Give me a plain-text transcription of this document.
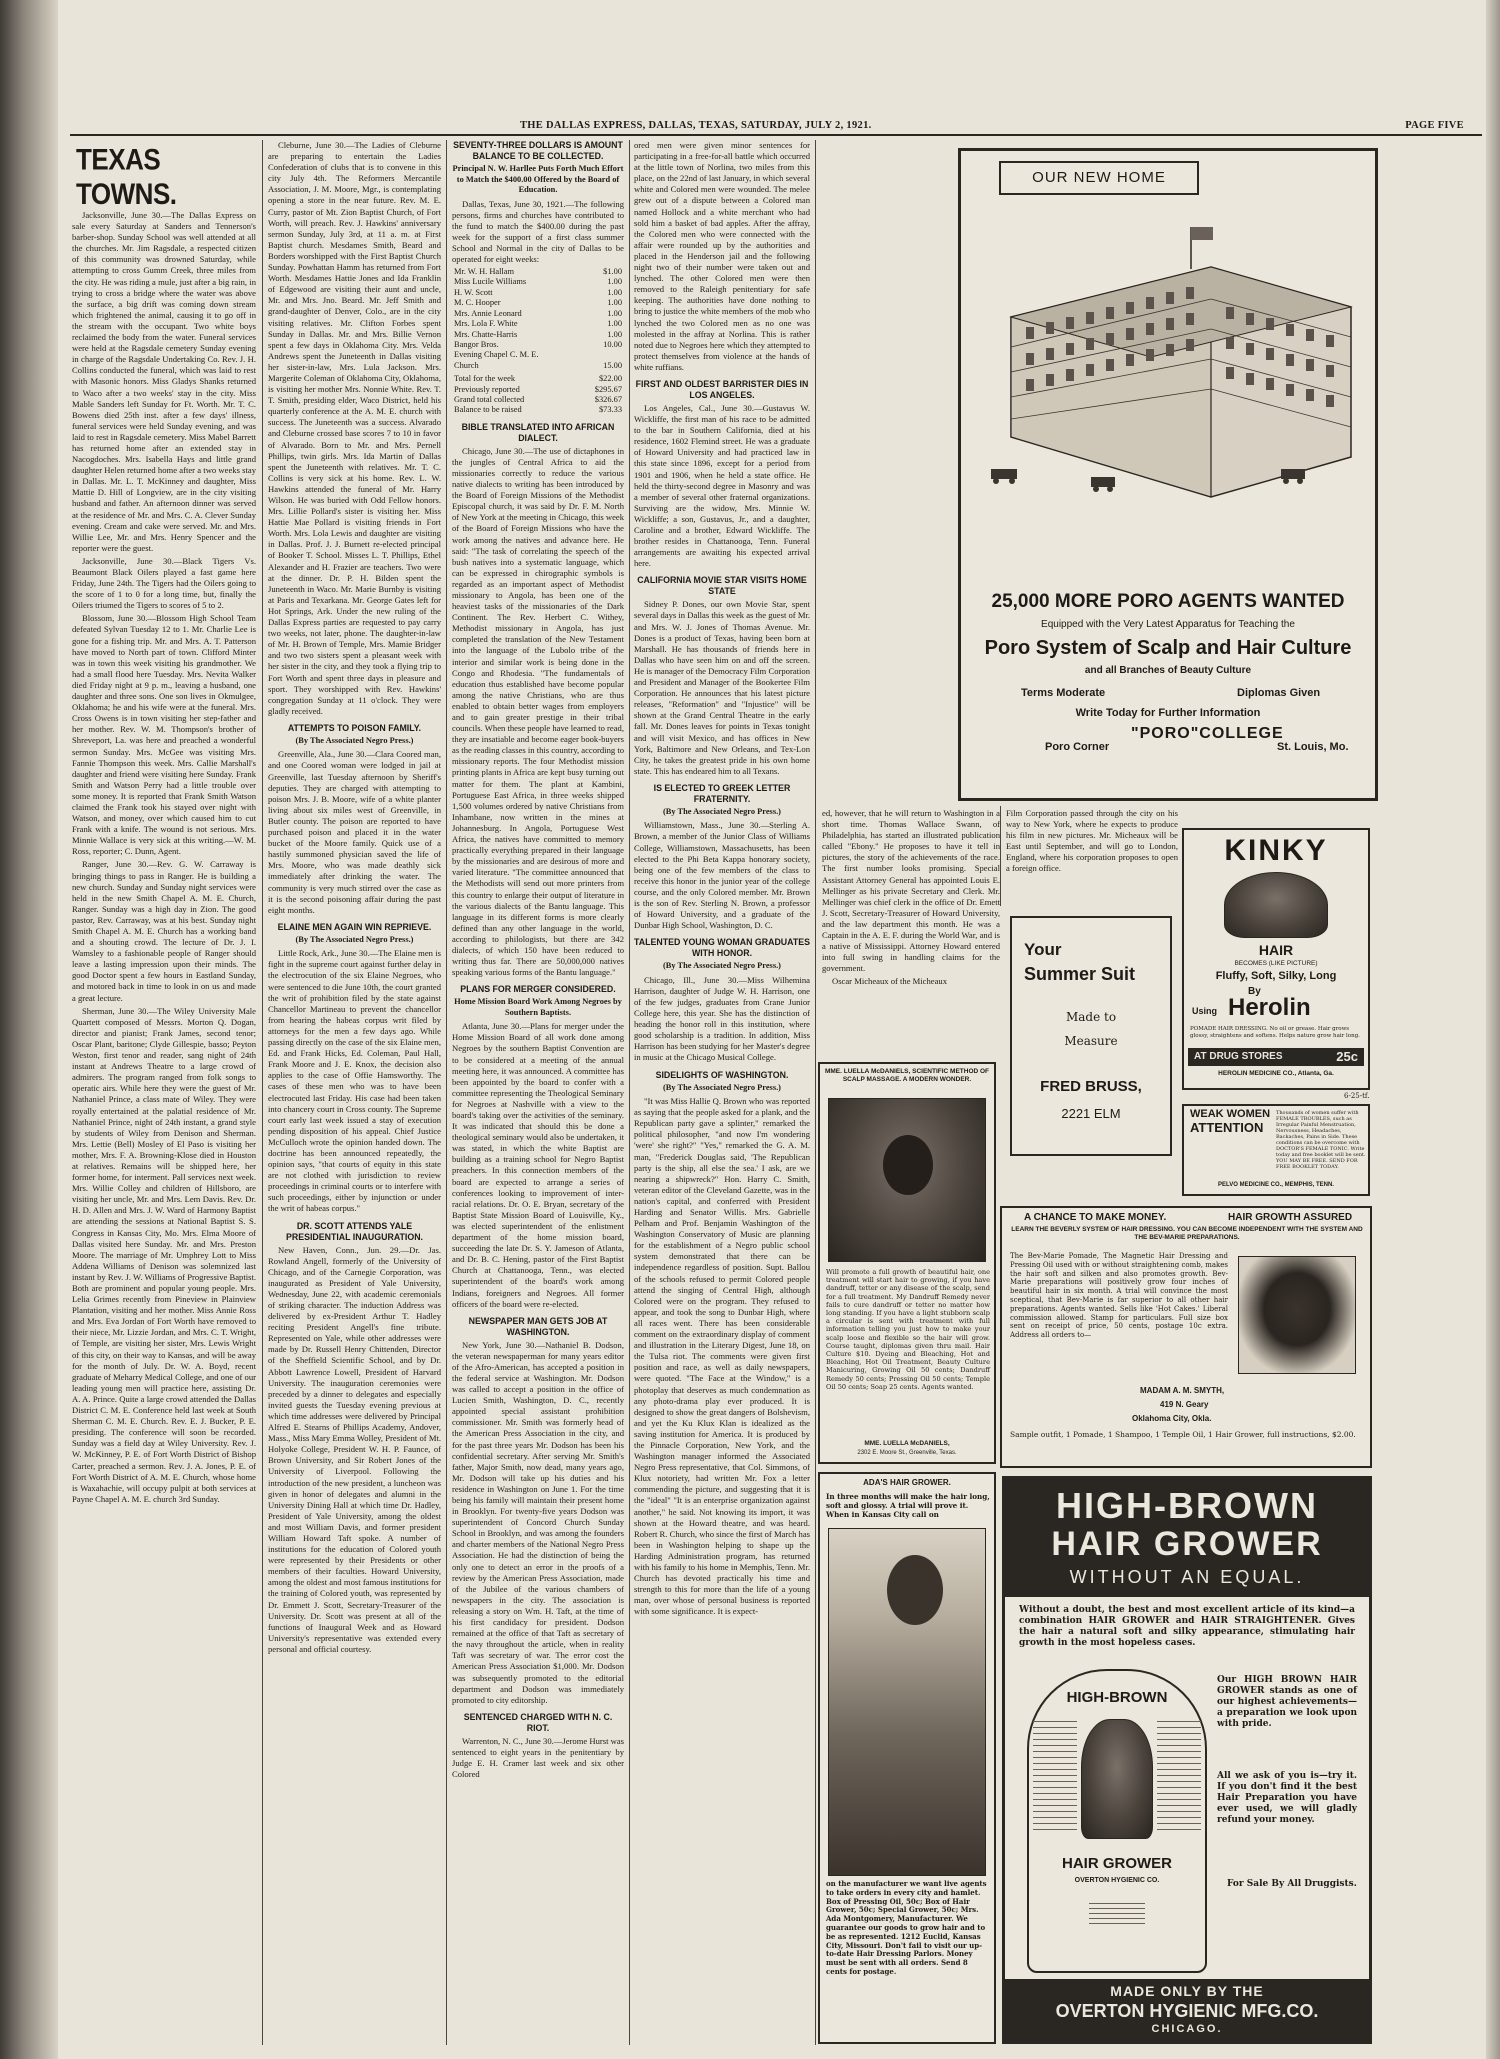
THE DALLAS EXPRESS, DALLAS, TEXAS, SATURDAY, JULY 2, 1921.	PAGE FIVE
TEXAS TOWNS.

Jacksonville, June 30.—The Dallas Express on sale every Saturday at Sanders and Tennerson's barber-shop. Sunday School was well attended at all the churches. Mr. Jim Ragsdale, a respected citizen of this community was drowned Saturday, while attempting to cross Gumm Creek, three miles from the city. He was riding a mule, just after a big rain, in trying to cross a bridge where the water was above the surface, a big drift was coming down stream which frightened the animal, causing it to go off in the stream with the occupant. Two white boys reclaimed the body from the water. Funeral services were held at the Ragsdale cemetery Sunday evening in charge of the Ragsdale Undertaking Co. Rev. J. H. Collins conducted the funeral, which was laid to rest with Masonic honors. Miss Gladys Shanks returned to Waco after a two weeks' stay in the city. Miss Mable Sanders left Sunday for Ft. Worth. Mr. T. C. Bowens died 25th inst. after a few days' illness, funeral services were held Sunday evening, and was laid to rest in Ragsdale cemetery. Miss Mabel Barrett has returned home after an extended stay in Nacogdoches. Mrs. Isabella Hays and little grand daughter Helen returned home after a two weeks stay in Dallas. Mr. L. T. McKinney and daughter, Miss Mattie D. Hill of Longview, are in the city visiting husband and father. An afternoon dinner was served at the residence of Mr. and Mrs. C. A. Clever Sunday evening. Cream and cake were served. Mr. and Mrs. Willie Lee, Mr. and Mrs. Henry Spencer and the reporter were the guest.

Jacksonville, June 30.—Black Tigers Vs. Beaumont Black Oilers played a fast game here Friday, June 24th. The Tigers had the Oilers going to the score of 1 to 0 for a long time, but, finally the Oilers triumed the Tigers to scores of 5 to 2.

Blossom, June 30.—Blossom High School Team defeated Sylvan Tuesday 12 to 1. Mr. Charlie Lee is gone for a fishing trip. Mr. and Mrs. A. T. Patterson have moved to North part of town. Clifford Minter was in town this week visiting his grandmother. We had a small flood here Tuesday. Mrs. Nevita Walker died Friday night at 9 p. m., leaving a husband, one daughter and three sons. One son lives in Okmulgee, Oklahoma; he and his wife were at the funeral. Mrs. Cross Owens is in town visiting her step-father and her mother. Rev. W. M. Thompson's brother of Shreveport, La. was here and preached a wonderful sermon Sunday. Mrs. McGee was visiting Mrs. Fannie Thompson this week. Mrs. Callie Marshall's daughter and friend were visiting here Sunday. Frank Smith and Watson Perry had a little trouble over some money. It is reported that Frank Smith Watson claimed the Frank took his stayed over night with Watson, and money, over which caused him to cut Frank with a knife. The wound is not serious. Mrs. Minnie Wallace is very sick at this writing.—W. M. Ross, reporter; C. Dunn, Agent.

Ranger, June 30.—Rev. G. W. Carraway is bringing things to pass in Ranger. He is building a new church. Sunday and Sunday night services were held in the new Smith Chapel A. M. E. Church, Ranger. Sunday was a high day in Zion. The good pastor, Rev. Carraway, was at his best. Sunday night Smith Chapel A. M. E. Church has a working band and a shouting crowd. The lecture of Dr. J. I. Wamsley to a fashionable people of Ranger should leave a lasting impression upon their minds. The good Doctor spent a few hours in Eastland Sunday, and motored back in time to look in on us and made a great lecture.

Sherman, June 30.—The Wiley University Male Quartett composed of Messrs. Morton Q. Dogan, director and pianist; Frank James, second tenor; Oscar Plant, baritone; Clyde Gillespie, basso; Peyton Weston, first tenor and reader, sang night of 24th instant at Andrews Theatre to a large crowd of admirers. The program ranged from folk songs to operatic airs. While here they were the guest of Mr. Nathaniel Prince, a class mate of Wiley. They were royally entertained at the palatial residence of Mr. Nathaniel Prince, night of 24th instant, a grand style by students of Wiley from Denison and Sherman. Mrs. Lettie (Bell) Mosley of El Paso is visiting her mother, Mrs. F. A. Browning-Klose died in Houston at relatives. Remains will be shipped here, her former home, for interment. Pall services next week. Mrs. Willie Colley and children of Hillsboro, are visiting her uncle, Mr. and Mrs. Lem Davis. Rev. Dr. H. D. Allen and Mrs. J. W. Ward of Harmony Baptist are attending the sessions at National Baptist S. S. Congress in Kansas City, Mo. Mrs. Elma Moore of Dallas visited here Sunday. Mr. and Mrs. Preston Moore. The marriage of Mr. Umphrey Lott to Miss Addena Williams of Denison was solemnized last instant by Rev. J. W. Williams of Progressive Baptist. Both are prominent and popular young people. Mrs. Lelia Grimes recently from Pineview in Plainview Plantation, visiting and her mother. Miss Annie Ross and Mrs. Eva Jordan of Fort Worth have removed to their niece, Mr. Lizzie Jordan, and Mrs. C. T. Wright, of Temple, are visiting her sister, Mrs. Lewis Wright of this city, on their way to Kansas, and will be away for the month of July. Dr. W. A. Boyd, recent graduate of Meharry Medical College, and one of our leading young men will practice here, assisting Dr. A. A. Prince. Quite a large crowd attended the Dallas District C. M. E. Conference held last week at South Sherman C. M. E. Church. Rev. E. J. Bucker, P. E. presiding. The conference will soon be recorded. Sunday was a field day at Wiley University. Rev. J. W. McKinney, P. E. of Fort Worth District of Bishop Carter, preached a sermon. Rev. J. A. Jones, P. E. of Fort Worth District of A. M. E. Church, whose home is Waxahachie, will occupy pulpit at both services at Payne Chapel A. M. E. church 3rd Sunday.

Cleburne, June 30.—The Ladies of Cleburne are preparing to entertain the Ladies Confederation of clubs that is to convene in this city July 4th. The Reformers Mercantile Association, J. M. Moore, Mgr., is contemplating opening a store in the near future. Rev. M. E. Curry, pastor of Mt. Zion Baptist Church, of Fort Worth, will preach. Rev. J. Hawkins' anniversary sermon Sunday, July 3rd, at 11 a. m. at First Baptist church. Mesdames Smith, Beard and Borders worshipped with the First Baptist Church Sunday. Powhattan Hamm has returned from Fort Worth. Mesdames Hattie Jones and Ida Franklin of Edgewood are visiting their aunt and uncle, Mr. and Mrs. Jno. Beard. Mr. Jeff Smith and grand-daughter of Denver, Colo., are in the city visiting relatives. Mr. Clifton Forbes spent Sunday in Dallas. Mr. and Mrs. Billie Vernon spent a few days in Oklahoma City. Mrs. Velda Andrews spent the Juneteenth in Dallas visiting her sister-in-law, Mrs. Lula Jackson. Mrs. Margerite Coleman of Oklahoma City, Oklahoma, is visiting her mother Mrs. Nonnie White. Rev. T. T. Smith, presiding elder, Waco District, held his quarterly conference at the A. M. E. church with success. The Juneteenth was a success. Alvarado and Cleburne crossed base scores 7 to 10 in favor of Alvarado. Born to Mr. and Mrs. Pernell Phillips, twin girls. Mrs. Ida Martin of Dallas spent the Juneteenth with relatives. Mr. T. C. Collins is very sick at his home. Rev. L. W. Hawkins attended the funeral of Mr. Harry Wilson. He was buried with Odd Fellow honors. Mrs. Lillie Pollard's sister is visiting her. Miss Hattie Mae Pollard is visiting friends in Fort Worth. Mrs. Lola Lewis and daughter are visiting in Dallas. Prof. J. J. Burnett re-elected principal of Booker T. School. Misses L. T. Phillips, Ethel Alexander and H. Frazier are teachers. Two were at the dinner. Dr. P. H. Bilden spent the Juneteenth in Waco. Mr. Marie Burnby is visiting at Paris and Texarkana. Mr. George Gates left for Hot Springs, Ark. Under the new ruling of the Dallas Express parties are requested to pay carry two weeks, not later, phone. The daughter-in-law of Mr. H. Brown of Temple, Mrs. Mamie Bridger and two two sisters spent a pleasant week with her sister in the city, and they took a flying trip to Fort Worth and spent three days in pleasure and sport. They worshipped with Rev. Hawkins' congregation Sunday at 11 o'clock. They were gladly received.

ATTEMPTS TO POISON FAMILY.
(By The Associated Negro Press.)

Greenville, Ala., June 30.—Clara Coored man, and one Coored woman were lodged in jail at Greenville, last Tuesday afternoon by Sheriff's deputies. They are charged with attempting to poison Mrs. J. B. Moore, wife of a white planter living about six miles west of Greenville, in Butler county. The poison are reported to have purchased poison and placed it in the water bucket of the Moore family. Quick use of a hastily summoned physician saved the life of Mrs. Moore, who was made deathly sick immediately after drinking the water. The community is very much stirred over the case as it is the second poisoning affair during the past eight months.

ELAINE MEN AGAIN WIN REPRIEVE.
(By The Associated Negro Press.)

Little Rock, Ark., June 30.—The Elaine men is fight in the supreme court against further delay in the electrocution of the six Elaine Negroes, who were sentenced to die June 10th, the court granted the writ of prohibition filed by the state against Chancellor Martineau to prevent the chancellor from hearing the habeas corpus writ filed by attorneys for the men a few days ago. While passing directly on the case of the six Elaine men, Ed. and Frank Hicks, Ed. Coleman, Paul Hall, Frank Moore and J. E. Knox, the decision also applies to the case of Offie Hamsworthy. The cases of these men who was to have been electrocuted last Friday. His case had been taken into chancery court in Cross county. The Supreme court early last week issued a stay of execution pending disposition of his appeal. Chief Justice McCulloch wrote the opinion handed down. The doctrine has been announced repeatedly, the opinion says, "that courts of equity in this state are not clothed with jurisdiction to review proceedings in criminal courts or to interfere with such proceedings, either by injunction or under the writ of habeas corpus."

DR. SCOTT ATTENDS YALE PRESIDENTIAL INAUGURATION.

New Haven, Conn., Jun. 29.—Dr. Jas. Rowland Angell, formerly of the University of Chicago, and of the Carnegie Corporation, was inaugurated as President of Yale University, Wednesday, June 22, with academic ceremonials of striking character. The induction Address was delivered by ex-President Arthur T. Hadley reciting President Angell's fine tribute. Represented on Yale, while other addresses were made by Dr. Russell Henry Chittenden, Director of the Sheffield Scientific School, and by Dr. Abbott Lawrence Lowell, President of Harvard University. The inauguration ceremonies were preceded by a dinner to delegates and especially invited guests the Tuesday evening previous at which time addresses were delivered by Principal Alfred E. Stearns of Phillips Academy, Andover, Mass., Miss Mary Emma Wolley, President of Mt. Holyoke College, President W. H. P. Faunce, of Brown University, and Sir Robert Jones of the University of Liverpool. Following the introduction of the new president, a luncheon was given in honor of delegates and alumni in the University Dining Hall at which time Dr. Hadley, President of Yale University, among the oldest and most William Davis, and former president William Howard Taft spoke. A number of institutions for the education of Colored youth were represented by their Presidents or other members of their faculties. Howard University, among the oldest and most famous institutions for the training of Colored youth, was represented by Dr. Emmett J. Scott, Secretary-Treasurer of the University. Dr. Scott was present at all of the functions of Inaugural Week and as Howard University's representative was extended every personal and official courtesy.

SEVENTY-THREE DOLLARS IS AMOUNT BALANCE TO BE COLLECTED.
Principal N. W. Harllee Puts Forth Much Effort to Match the $400.00 Offered by the Board of Education.

Dallas, Texas, June 30, 1921.—The following persons, firms and churches have contributed to the fund to match the $400.00 during the past week for the support of a first class summer School and Normal in the city of Dallas to be operated for eight weeks:

Mr. W. H. Hallam	$1.00
Miss Lucile Williams	1.00
H. W. Scott	1.00
M. C. Hooper	1.00
Mrs. Annie Leonard	1.00
Mrs. Lola F. White	1.00
Mrs. Chatte-Harris	1.00
Bangor Bros.	10.00
Evening Chapel C. M. E.	
Church	15.00
Total for the week	$22.00
Previously reported	$295.67
Grand total collected	$326.67
Balance to be raised	$73.33
BIBLE TRANSLATED INTO AFRICAN DIALECT.

Chicago, June 30.—The use of dictaphones in the jungles of Central Africa to aid the missionaries correctly to reduce the various native dialects to writing has been introduced by the Board of Foreign Missions of the Methodist Episcopal church, it was said by Dr. F. M. North of New York at the meeting in Chicago, this week of the Board of Foreign Missions who have the work among the natives and advance here. He said: "The task of correlating the speech of the bush natives into a systematic language, which can be expressed in chirographic symbols is regarded as an important aspect of Methodist missionary to Angola, has been one of the heaviest tasks of the missionaries of the Dark Continent. The Rev. Herbert C. Withey, Methodist missionary in Angola, has just completed the translation of the New Testament into the language of the Lubolo tribe of the interior and similar work is being done in the Congo and Rhodesia. "The fundamentals of education thus established have become popular among the native Christians, who are thus enabled to obtain better wages from employers and to gain greater prestige in their tribal councils. When these people have learned to read, they are insatiable and become eager book-buyers as the reading classes in this country, according to missionary reports. The four Methodist mission printing plants in Africa are kept busy turning out matter for them. The plant at Kambini, Portuguese East Africa, in three weeks shipped 1,500 volumes ordered by native Christians from Inhambane, now written in the mines at Johannesburg. In Angola, Portuguese West Africa, the natives have committed to memory practically everything prepared in their language by the missionaries and are desirous of more and varied literature. "The committee announced that the Methodists will send out more printers from this country to enlarge their output of literature in the various dialects of the Bantu language. This language in its different forms is more clearly defined than any other language in the world, according to philologists, but there are 342 dialects, of which 150 have been reduced to writing thus far. There are 50,000,000 natives speaking various forms of the Bantu language."

PLANS FOR MERGER CONSIDERED.
Home Mission Board Work Among Negroes by Southern Baptists.

Atlanta, June 30.—Plans for merger under the Home Mission Board of all work done among Negroes by the southern Baptist Convention are to be considered at a meeting of the annual meeting here, it was announced. A committee has been appointed by the board to confer with a committee representing the Theological Seminary for Negroes at Nashville with a view to the board's taking over the activities of the seminary. It was indicated that should this be done a theological seminary would also be undertaken, it was stated, in which the white Baptist are building as a training school for Negro Baptist preachers. In this connection members of the board are expected to arrange a series of conferences looking to improvement of inter-racial relations. Dr. O. E. Bryan, secretary of the Baptist State Mission Board of Louisville, Ky., was elected superintendent of the enlistment department of the home mission board, succeeding the late Dr. S. Y. Jameson of Atlanta, and Dr. B. C. Hening, pastor of the First Baptist Church at Chattanooga, Tenn., was elected superintendent of the board's work among Indians, foreigners and Negroes. All former officers of the board were re-elected.

NEWSPAPER MAN GETS JOB AT WASHINGTON.

New York, June 30.—Nathaniel B. Dodson, the veteran newspaperman for many years editor of the Afro-American, has accepted a position in the federal service at Washington. Mr. Dodson was called to accept a position in the office of Lucien Smith, Washington, D. C., recently appointed special assistant prohibition commissioner. Mr. Smith was formerly head of the American Press Association in the city, and for the past three years Mr. Dodson has been his confidential secretary. After serving Mr. Smith's father, Major Smith, now dead, many years ago, Mr. Dodson will take up his duties and his residence in Washington on June 1. For the time being his family will maintain their present home in Brooklyn. For twenty-five years Dodson was superintendent of Concord Church Sunday School in Brooklyn, and was among the founders and charter members of the National Negro Press Association. He had the distinction of being the only one to detect an error in the proofs of a review by the American Press Association, made of the Jubilee of the various chambers of newspapers in the city. The association is releasing a story on Wm. H. Taft, at the time of his first candidacy for president. Dodson remained at the office of that Taft as secretary of the navy throughout the article, when in reality Taft was secretary of war. The error cost the American Press Association $1,000. Mr. Dodson was subsequently promoted to the editorial department and Dodson was immediately promoted to city editorship.

SENTENCED CHARGED WITH N. C. RIOT.

Warrenton, N. C., June 30.—Jerome Hurst was sentenced to eight years in the penitentiary by Judge E. H. Cramer last week and six other Colored

ored men were given minor sentences for participating in a free-for-all battle which occurred at the little town of Norlina, two miles from this place, on the 22nd of last January, in which several white and Colored men were wounded. The melee grew out of a dispute between a Colored man named Hollock and a white merchant who had sold him a basket of bad apples. After the affray, the Colored men who were connected with the affair were rounded up by the authorities and placed in the Henderson jail and the following night two of their number were taken out and lynched. The other Colored men were then removed to the Raleigh penitentiary for safe keeping. The authorities have done nothing to bring to justice the white members of the mob who lynched the two Colored men as no one was molested in the affray at Norlina. This is rather noted due to Negroes here which they attempted to protect themselves from violence at the hands of white ruffians.

FIRST AND OLDEST BARRISTER DIES IN LOS ANGELES.

Los Angeles, Cal., June 30.—Gustavus W. Wickliffe, the first man of his race to be admitted to the bar in Southern California, died at his residence, 1602 Flemind street. He was a graduate of Howard University and had practiced law in this state since 1896, except for a period from 1901 and 1906, when he held a state office. He held the thirty-second degree in Masonry and was a member of several other fraternal organizations. Surviving are the widow, Mrs. Minnie W. Wickliffe; a son, Gustavus, Jr., and a daughter, Caroline and a brother, Edward Wickliffe. The brother resides in Chattanooga, Tenn. Funeral arrangements are awaiting his expected arrival here.

CALIFORNIA MOVIE STAR VISITS HOME STATE

Sidney P. Dones, our own Movie Star, spent several days in Dallas this week as the guest of Mr. and Mrs. W. J. Jones of Thomas Avenue. Mr. Dones is a product of Texas, having been born at Marshall. He has thousands of friends here in Dallas who have seen him on and off the screen. He is manager of the Democracy Film Corporation and President and Manager of the Bookertee Film Corporation. He announces that his latest picture releases, "Reformation" and "Injustice" will be shown at the Grand Central Theatre in the early fall. Mr. Dones leaves for points in Texas tonight and will visit Mexico, and has offices in New York, Baltimore and New Orleans, and Tex-Lon City, he takes the greatest pride in his own home state. This has endeared him to all Texans.

IS ELECTED TO GREEK LETTER FRATERNITY.
(By The Associated Negro Press.)

Williamstown, Mass., June 30.—Sterling A. Brown, a member of the Junior Class of Williams College, Williamstown, Massachusetts, has been elected to the Phi Beta Kappa honorary society, being one of the few members of the class to receive this honor in the junior year of the college course, and the only Colored member. Mr. Brown is the son of Rev. Sterling N. Brown, a professor of Howard University, and a graduate of the Dunbar High School, Washington, D. C.

TALENTED YOUNG WOMAN GRADUATES WITH HONOR.
(By The Associated Negro Press.)

Chicago, Ill., June 30.—Miss Wilhemina Harrison, daughter of Judge W. H. Harrison, one of the few judges, graduates from Crane Junior College here, this year. She has the distinction of heading the honor roll in this institution, where good scholarship is a tradition. In addition, Miss Harrison has been studying for her Master's degree in music at the Chicago Musical College.

SIDELIGHTS OF WASHINGTON.
(By The Associated Negro Press.)

"It was Miss Hallie Q. Brown who was reported as saying that the people asked for a plank, and the Republican party gave a splinter," remarked the political philosopher, "and now I'm wondering 'were' she right?" "Yes," remarked the G. A. M. man, "Frederick Douglas said, 'The Republican party is the ship, all else the sea.' I ask, are we nearing a shipwreck?" Hon. Harry C. Smith, veteran editor of the Cleveland Gazette, was in the nation's capital, and conferred with President Harding and Senator Willis. Mrs. Gabrielle Pelham and Prof. Benjamin Washington of the Washington Conservatory of Music are planning for the establishment of a Negro public school system demonstrated that there can be independence regardless of position. Supt. Ballou of the schools refused to permit Colored people attend the singing of Central High, although Colored were on the program. They refused to appear, and took the song to Dunbar High, where all races went. There has been considerable comment on the extraordinary display of comment and illustration in the Literary Digest, June 18, on the Tulsa riot. The comments were given first position and race, as well as daily newspapers, were quoted. "The Face at the Window," is a photoplay that deserves as much condemnation as any photo-drama play ever produced. It is designed to show the great dangers of Bolshevism, and yet the Ku Klux Klan is idealized as the saving institution for America. It is produced by the Pinnacle Corporation, New York, and the Washington manager informed the Associated Negro Press representative, that Col. Simmons, of Klux notoriety, had written Mr. Fox a letter commending the picture, and suggesting that it is the "ideal" "It is an enterprise organization against another," he said. Not knowing its import, it was shown at the Howard theatre, and was heard. Robert R. Church, who since the first of March has been in Washington helping to shape up the Harding Administration program, has returned with his family to his home in Memphis, Tenn. Mr. Church has devoted practically his time and strength to this for more than the life of a young man, over whose of personal business is reported with some significance. It is expect-

OUR NEW HOME
25,000 MORE PORO AGENTS WANTED
Equipped with the Very Latest Apparatus for Teaching the
Poro System of Scalp and Hair Culture
and all Branches of Beauty Culture
Terms Moderate	Diplomas Given
Write Today for Further Information
Poro Corner
"PORO"COLLEGE
St. Louis, Mo.

ed, however, that he will return to Washington in a short time. Thomas Wallace Swann, of Philadelphia, has started an illustrated publication called "Ebony." He proposes to have it tell in pictures, the story of the achievements of the race. The first number looks promising. Special Assistant Attorney General has appointed Louis E. Mellinger as his private Secretary and Clerk. Mr. Mellinger was chief clerk in the office of Dr. Emett J. Scott, Secretary-Treasurer of Howard University, and the law department this month. He was a Captain in the A. E. F. during the World War, and is a native of Mississippi. Attorney Howard entered into full swing in handling claims for the government.

Oscar Micheaux of the Micheaux

Film Corporation passed through the city on his way to New York, where he expects to produce his film in new pictures. Mr. Micheaux will be East until September, and will go to London, England, where his corporation proposes to open a foreign office.

Your
Summer Suit
Made to
Measure
FRED BRUSS,
2221 ELM
KINKY
HAIR
BECOMES (LIKE PICTURE)
Fluffy, Soft, Silky, Long
By
Using Herolin
POMADE HAIR DRESSING. No oil or grease. Hair grows glossy, straightens and softens. Helps nature grow hair long.
AT DRUG STORES	25c
HEROLIN MEDICINE CO., Atlanta, Ga.
6-25-tf.
WEAK WOMEN
ATTENTION
Thousands of women suffer with FEMALE TROUBLES, such as Irregular Painful Menstruation, Nervousness, Headaches, Backaches, Pains in Side. These conditions can be overcome with DOCTOR'S FEMALE TONIC. Write today and free booklet will be sent. YOU MAY BE FREE. SEND FOR FREE BOOKLET TODAY.
PELVO MEDICINE CO., MEMPHIS, TENN.
A CHANCE TO MAKE MONEY.	HAIR GROWTH ASSURED
LEARN THE BEVERLY SYSTEM OF HAIR DRESSING. YOU CAN BECOME INDEPENDENT WITH THE SYSTEM AND THE BEV-MARIE PREPARATIONS.
The Bev-Marie Pomade, The Magnetic Hair Dressing and Pressing Oil used with or without straightening comb, makes the hair soft and silken and also promotes growth. Bev-Marie preparations will positively grow four inches of beautiful hair in six month. A trial will convince the most sceptical, that Bev-Marie is far superior to all other hair preparations. Agents wanted. Sells like 'Hot Cakes.' Liberal commission allowed. Stamp for particulars. Full size box sent on receipt of price, 50 cents, postage 10c extra. Address all orders to—
MADAM A. M. SMYTH,
419 N. Geary
Oklahoma City, Okla.
Sample outfit, 1 Pomade, 1 Shampoo, 1 Temple Oil, 1 Hair Grower, full instructions, $2.00.
MME. LUELLA McDANIELS, SCIENTIFIC METHOD OF SCALP MASSAGE. A MODERN WONDER.
Will promote a full growth of beautiful hair, one treatment will start hair to growing, if you have dandruff, tetter or any disease of the scalp, send for a full treatment. My Dandruff Remedy never fails to cure dandruff or tetter no matter how long standing. If you have a light stubborn scalp a circular is sent with treatment with full information telling you just how to make your scalp loose and flexible so the hair will grow. Course taught, diplomas given thru mail. Hair Culture $10. Dyeing and Bleaching, Hot and Bleaching, Hot Oil Treatment, Beauty Culture Manicuring, Growing Oil 50 cents; Dandruff Remedy 50 cents; Pressing Oil 50 cents; Temple Oil 50 cents; Soap 25 cents. Agents wanted.
MME. LUELLA McDANIELS,
2302 E. Moore St., Greenville, Texas.
ADA'S HAIR GROWER.
In three months will make the hair long, soft and glossy. A trial will prove it. When in Kansas City call on
on the manufacturer we want live agents to take orders in every city and hamlet. Box of Pressing Oil, 50c; Box of Hair Grower, 50c; Special Grower, 50c; Mrs. Ada Montgomery, Manufacturer. We guarantee our goods to grow hair and to be as represented. 1212 Euclid, Kansas City, Missouri. Don't fail to visit our up-to-date Hair Dressing Parlors. Money must be sent with all orders. Send 8 cents for postage.
HIGH-BROWN
HAIR GROWER
WITHOUT AN EQUAL.
Without a doubt, the best and most excellent article of its kind—a combination HAIR GROWER and HAIR STRAIGHTENER. Gives the hair a natural soft and silky appearance, stimulating hair growth in the most hopeless cases.
HIGH-BROWN
HAIR GROWER
OVERTON HYGIENIC CO.
Our HIGH BROWN HAIR GROWER stands as one of our highest achievements—a preparation we look upon with pride.
All we ask of you is—try it. If you don't find it the best Hair Preparation you have ever used, we will gladly refund your money.
For Sale By All Druggists.
MADE ONLY BY THE
OVERTON HYGIENIC MFG.CO.
CHICAGO.
